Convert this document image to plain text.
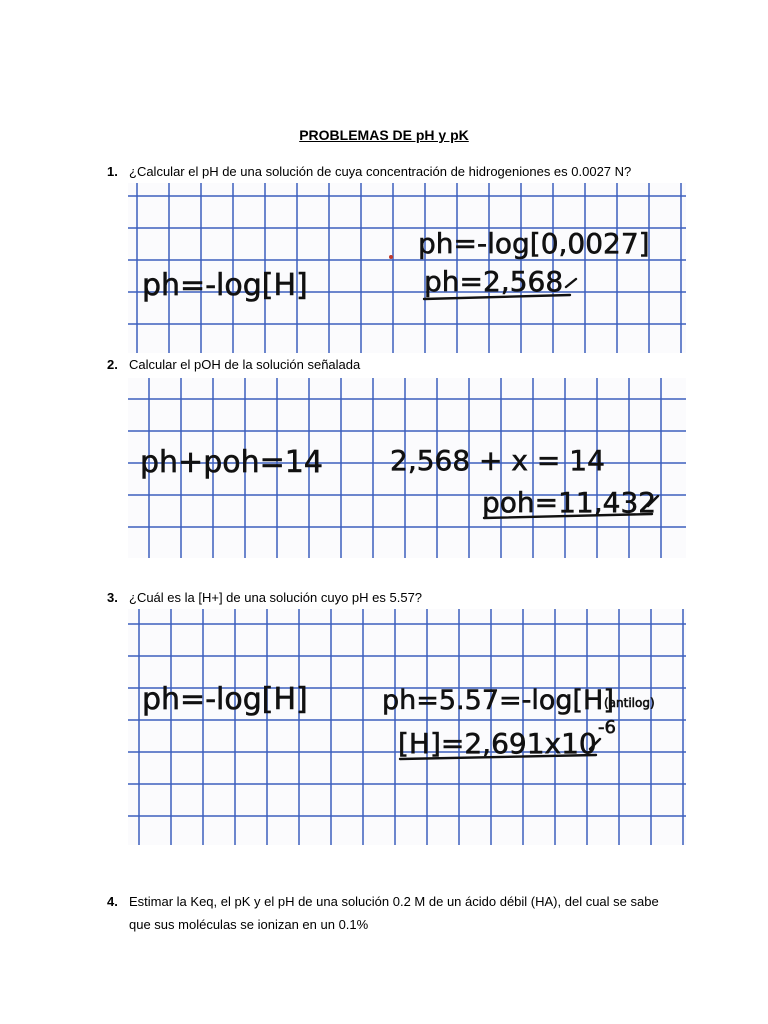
PROBLEMAS DE pH y pK
1. ¿Calcular el pH de una solución de cuya concentración de hidrogeniones es 0.0027 N?
ph=-log[H]
ph=-log[0,0027]
ph=2,568
2. Calcular el pOH de la solución señalada
ph+poh=14 2,568 + x = 14
poh=11,432
3. ¿Cuál es la [H+] de una solución cuyo pH es 5.57?
ph=-log[H]	ph=5.57=-log[H]
(antilog)
[H]=2,691x10 -6
4. Estimar la Keq, el pK y el pH de una solución 0.2 M de un ácido débil (HA), del cual se sabe que sus moléculas se ionizan en un 0.1%
